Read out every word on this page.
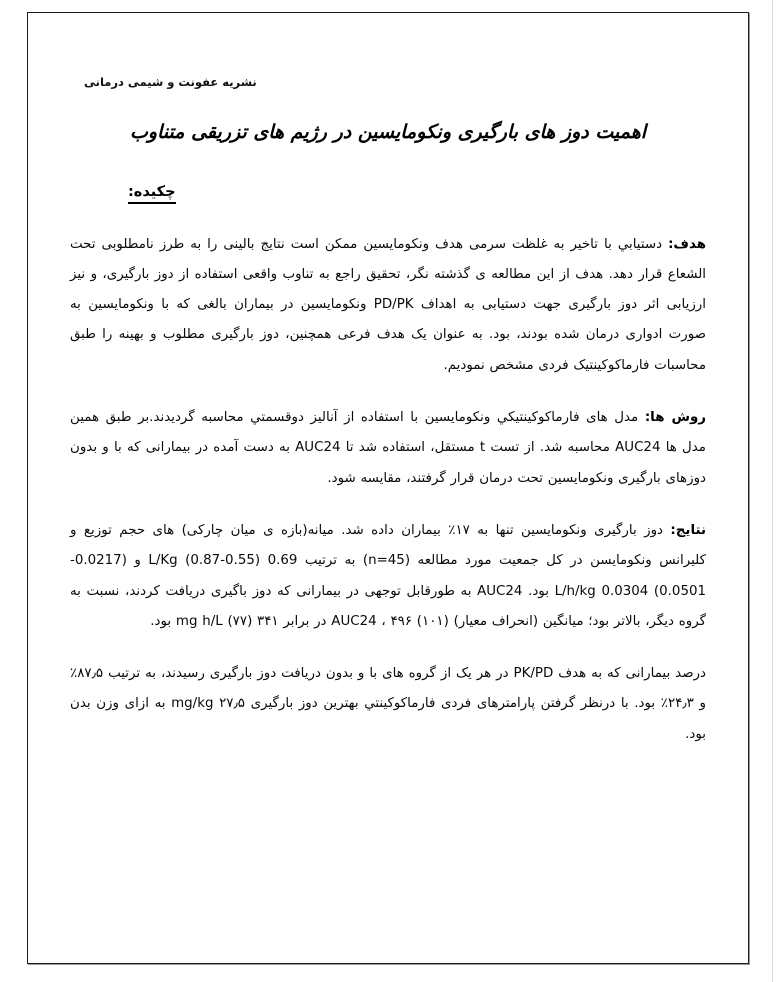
نشریه عفونت و شیمی درمانی
اهمیت دوز های بارگیری ونکومایسین در رژیم های تزریقی متناوب
چکیده:

هدف: دستیابي با تاخیر به غلظت سرمی هدف ونکومایسین ممکن است نتایج بالینی را به طرز نامطلوبی تحت الشعاع قرار دهد. هدف از این مطالعه ی گذشته نگر، تحقیق راجع به تناوب واقعی استفاده از دوز بارگیری، و نیز ارزیابی اثر دوز بارگیری جهت دستیابی به اهداف PD/PK ونکومایسین در بیماران بالغی که با ونکومایسین به صورت ادواری درمان شده بودند، بود. به عنوان یک هدف فرعی همچنین، دوز بارگیری مطلوب و بهینه را طبق محاسبات فارماکوکینتیک فردی مشخص نمودیم.

روش ها: مدل های فارماکوکینتیکي ونکومایسین با استفاده از آنالیز دوقسمتي محاسبه گردیدند.بر طبق همین مدل ها AUC24 محاسبه شد. از تست t مستقل، استفاده شد تا AUC24 به دست آمده در بیمارانی که با و بدون دوزهای بارگیری ونکومایسین تحت درمان قرار گرفتند، مقایسه شود.

نتایج: دوز بارگیری ونکومایسین تنها به ١٧٪ بیماران داده شد. میانه(بازه ی میان چارکی) های حجم توزیع و کلیرانس ونکومایسن در کل جمعیت مورد مطالعه (n=45) به ترتیب 0.69 (0.55-0.87) L/Kg و (0.0217-0.0501) 0.0304 L/h/kg بود. AUC24 به طورقابل توجهی در بیمارانی که دوز باگیری دریافت کردند، نسبت به گروه دیگر، بالاتر بود؛ میانگین (انحراف معیار) AUC24 ، ۴۹۶ (۱۰۱) در برابر ۳۴۱ (۷۷) mg h/L بود.

درصد بیمارانی که به هدف PK/PD در هر یک از گروه های با و بدون دریافت دوز بارگیری رسیدند، به ترتیب ۸۷٫۵٪ و ۲۴٫۳٪ بود. با درنظر گرفتن پارامترهای فردی فارماکوکینتي بهترین دوز بارگیری ۲۷٫۵ mg/kg به ازای وزن بدن بود.
